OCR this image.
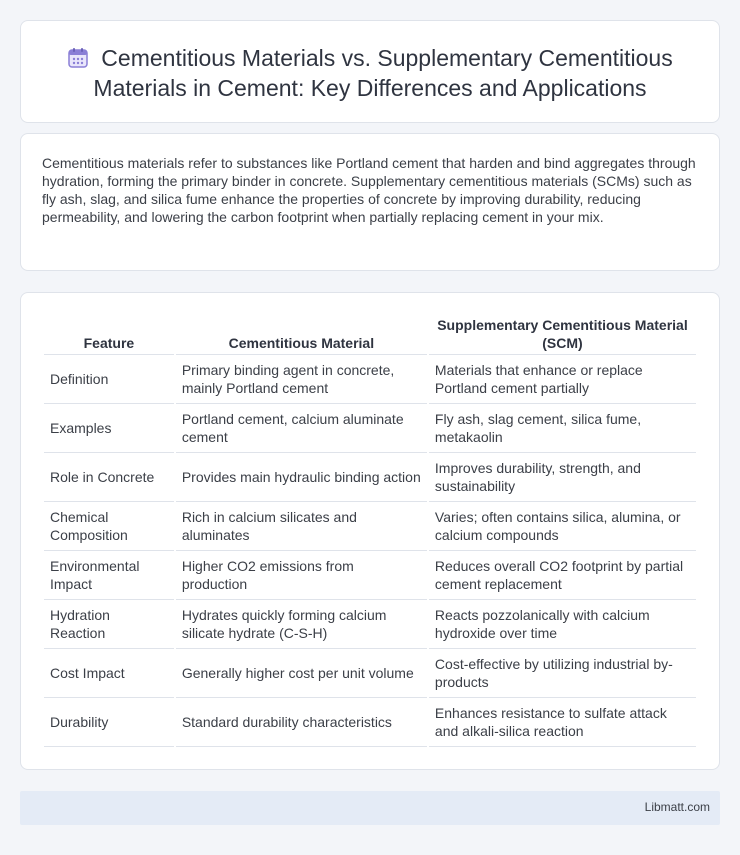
Cementitious Materials vs. Supplementary Cementitious Materials in Cement: Key Differences and Applications

Cementitious materials refer to substances like Portland cement that harden and bind aggregates through hydration, forming the primary binder in concrete. Supplementary cementitious materials (SCMs) such as fly ash, slag, and silica fume enhance the properties of concrete by improving durability, reducing permeability, and lowering the carbon footprint when partially replacing cement in your mix.

Feature	Cementitious Material	Supplementary Cementitious Material (SCM)
Definition	Primary binding agent in concrete, mainly Portland cement	Materials that enhance or replace Portland cement partially
Examples	Portland cement, calcium aluminate cement	Fly ash, slag cement, silica fume, metakaolin
Role in Concrete	Provides main hydraulic binding action	Improves durability, strength, and sustainability
Chemical Composition	Rich in calcium silicates and aluminates	Varies; often contains silica, alumina, or calcium compounds
Environmental Impact	Higher CO2 emissions from production	Reduces overall CO2 footprint by partial cement replacement
Hydration Reaction	Hydrates quickly forming calcium silicate hydrate (C-S-H)	Reacts pozzolanically with calcium hydroxide over time
Cost Impact	Generally higher cost per unit volume	Cost-effective by utilizing industrial by-products
Durability	Standard durability characteristics	Enhances resistance to sulfate attack and alkali-silica reaction
Libmatt.com
